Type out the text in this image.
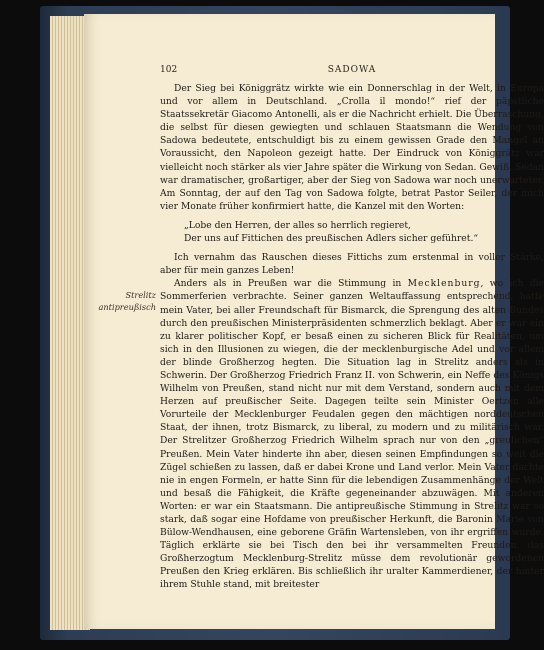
102	SADOWA
Strelitz
antipreußisch

Der Sieg bei Königgrätz wirkte wie ein Donnerschlag in der Welt, in Europa und vor allem in Deutschland. „Crolla il mondo!“ rief der päpstliche Staatssekretär Giacomo Antonelli, als er die Nachricht erhielt. Die Überraschung, die selbst für diesen gewiegten und schlauen Staatsmann die Wendung von Sadowa bedeutete, entschuldigt bis zu einem gewissen Grade den Mangel an Voraussicht, den Napoleon gezeigt hatte. Der Eindruck von Königgrätz war vielleicht noch stärker als vier Jahre später die Wirkung von Sedan. Gewiß, Sedan war dramatischer, großartiger, aber der Sieg von Sadowa war noch unerwarteter. Am Sonntag, der auf den Tag von Sadowa folgte, betrat Pastor Seiler, der mich vier Monate früher konfirmiert hatte, die Kanzel mit den Worten:

„Lobe den Herren, der alles so herrlich regieret,
Der uns auf Fittichen des preußischen Adlers sicher geführet.“

Ich vernahm das Rauschen dieses Fittichs zum erstenmal in voller Stärke, aber für mein ganzes Leben!

Anders als in Preußen war die Stimmung in Mecklenburg, wo ich die Sommerferien verbrachte. Seiner ganzen Weltauffassung entsprechend, hatte mein Vater, bei aller Freundschaft für Bismarck, die Sprengung des alten Bundes durch den preußischen Ministerpräsidenten schmerzlich beklagt. Aber er war ein zu klarer politischer Kopf, er besaß einen zu sicheren Blick für Realitäten, um sich in den Illusionen zu wiegen, die der mecklenburgische Adel und vor allem der blinde Großherzog hegten. Die Situation lag in Strelitz anders als in Schwerin. Der Großherzog Friedrich Franz II. von Schwerin, ein Neffe des Königs Wilhelm von Preußen, stand nicht nur mit dem Verstand, sondern auch mit dem Herzen auf preußischer Seite. Dagegen teilte sein Minister Oertzen alle Vorurteile der Mecklenburger Feudalen gegen den mächtigen norddeutschen Staat, der ihnen, trotz Bismarck, zu liberal, zu modern und zu militärisch war. Der Strelitzer Großherzog Friedrich Wilhelm sprach nur von den „greulichen“ Preußen. Mein Vater hinderte ihn aber, diesen seinen Empfindungen so weit die Zügel schießen zu lassen, daß er dabei Krone und Land verlor. Mein Vater dachte nie in engen Formeln, er hatte Sinn für die lebendigen Zusammenhänge der Welt und besaß die Fähigkeit, die Kräfte gegeneinander abzuwägen. Mit anderen Worten: er war ein Staatsmann. Die antipreußische Stimmung in Strelitz war so stark, daß sogar eine Hofdame von preußischer Herkunft, die Baronin Marie von Bülow-Wendhausen, eine geborene Gräfin Wartensleben, von ihr ergriffen wurde. Täglich erklärte sie bei Tisch den bei ihr versammelten Freunden, das Großherzogtum Mecklenburg-Strelitz müsse dem revolutionär gewordenen Preußen den Krieg erklären. Bis schließlich ihr uralter Kammerdiener, der hinter ihrem Stuhle stand, mit breitester
